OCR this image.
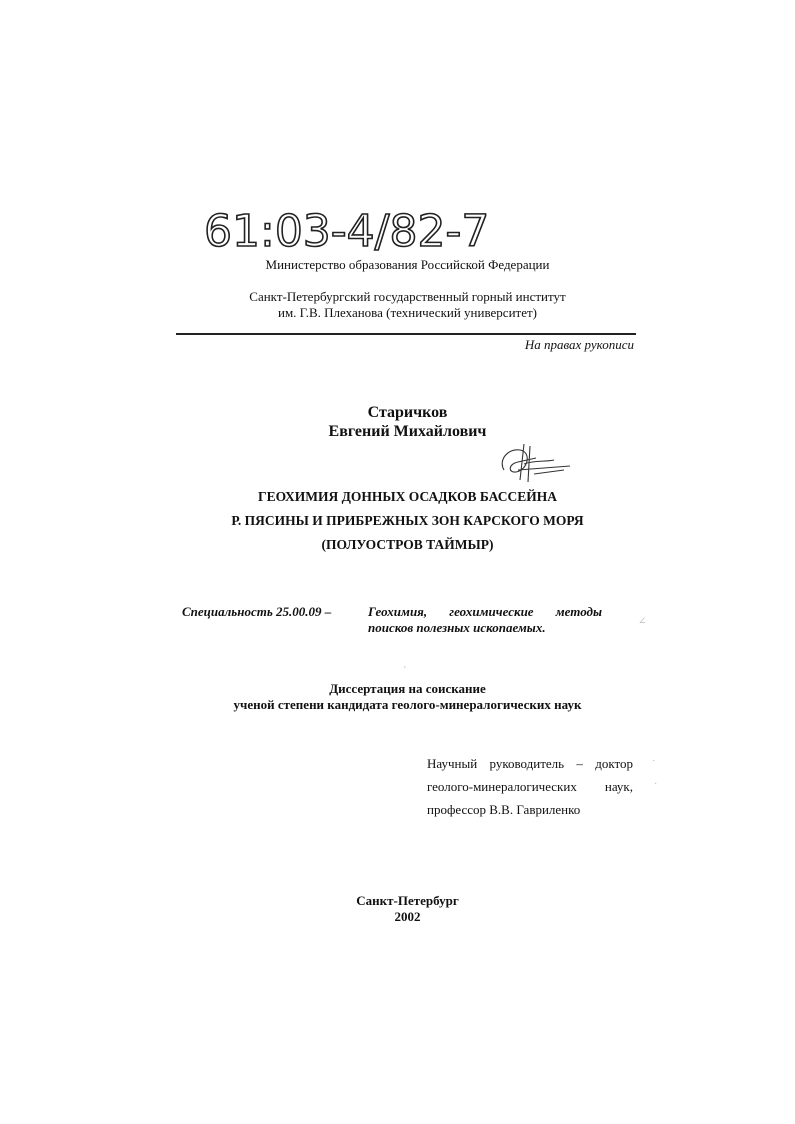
61:03-4/82-7
Министерство образования Российской Федерации
Санкт-Петербургский государственный горный институт
им. Г.В. Плеханова (технический университет)
На правах рукописи
Старичков
Евгений Михайлович
ГЕОХИМИЯ ДОННЫХ ОСАДКОВ БАССЕЙНА
Р. ПЯСИНЫ И ПРИБРЕЖНЫХ ЗОН КАРСКОГО МОРЯ
(ПОЛУОСТРОВ ТАЙМЫР)
Специальность 25.00.09 –	Геохимия, геохимические методы
поисков полезных ископаемых.
Диссертация на соискание
ученой степени кандидата геолого-минералогических наук
Научный руководитель – доктор
геолого-минералогических наук,
профессор В.В. Гавриленко
Санкт-Петербург
2002
∠
·
·
'
